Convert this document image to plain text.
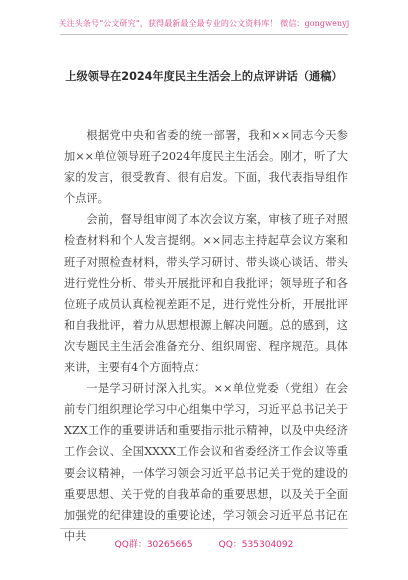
关注头条号“公文研究”，获得最新最全最专业的公文资料库！ 微信：gongwenyj
上级领导在2024年度民主生活会上的点评讲话（通稿）

根据党中央和省委的统一部署，我和××同志今天参加××单位领导班子2024年度民主生活会。刚才，听了大家的发言，很受教育、很有启发。下面，我代表指导组作个点评。

会前，督导组审阅了本次会议方案，审核了班子对照检查材料和个人发言提纲。××同志主持起草会议方案和班子对照检查材料，带头学习研讨、带头谈心谈话、带头进行党性分析、带头开展批评和自我批评；领导班子和各位班子成员认真检视差距不足，进行党性分析，开展批评和自我批评，着力从思想根源上解决问题。总的感到，这次专题民主生活会准备充分、组织周密、程序规范。具体来讲，主要有4个方面特点：

一是学习研讨深入扎实。××单位党委（党组）在会前专门组织理论学习中心组集中学习，习近平总书记关于XZX工作的重要讲话和重要指示批示精神，以及中央经济工作会议、全国XXXX工作会议和省委经济工作会议等重要会议精神，一体学习领会习近平总书记关于党的建设的重要思想、关于党的自我革命的重要思想，以及关于全面加强党的纪律建设的重要论述，学习领会习近平总书记在中共

QQ群：30265665	QQ：535304092
